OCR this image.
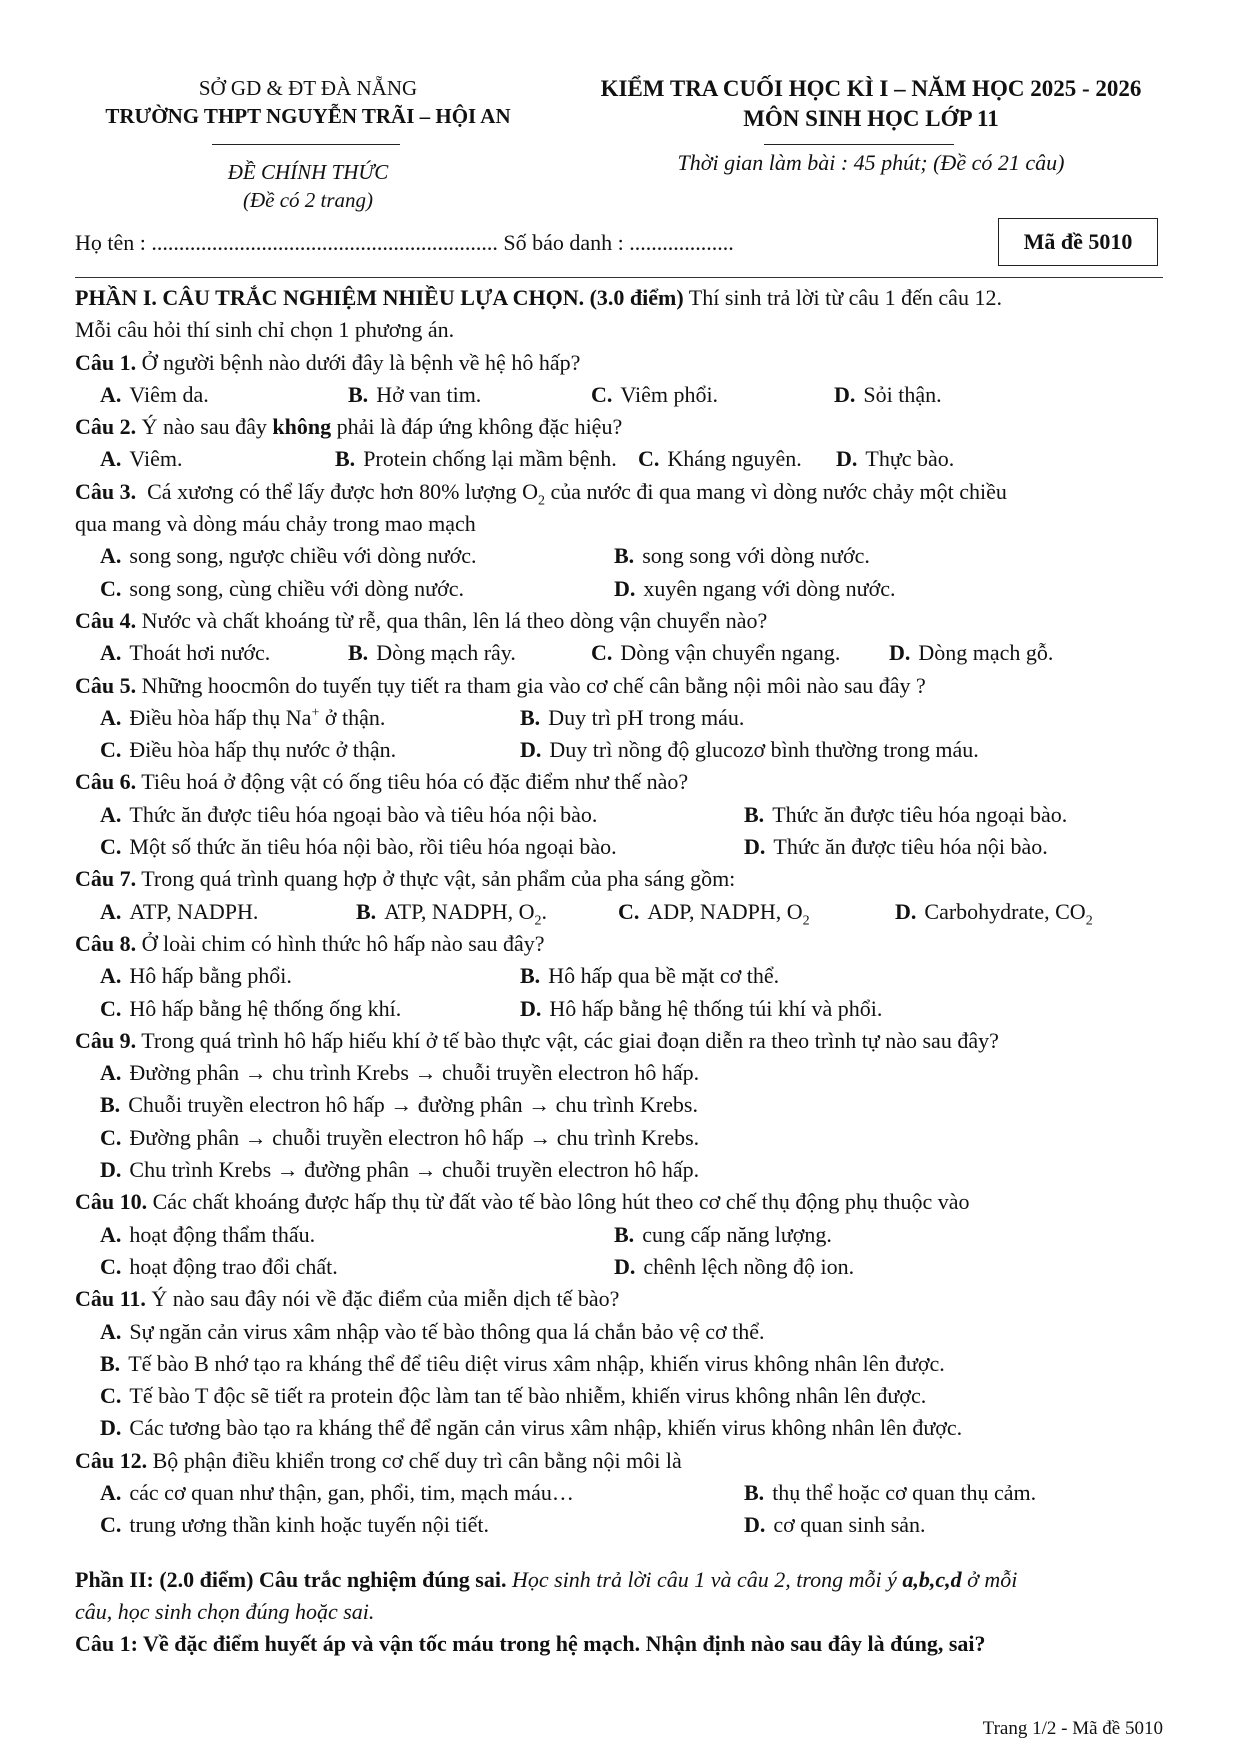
SỞ GD & ĐT ĐÀ NẴNG
TRƯỜNG THPT NGUYỄN TRÃI – HỘI AN
ĐỀ CHÍNH THỨC
(Đề có 2 trang)
KIỂM TRA CUỐI HỌC KÌ I – NĂM HỌC 2025 - 2026
MÔN SINH HỌC LỚP 11
Thời gian làm bài : 45 phút; (Đề có 21 câu)
Họ tên : ............................................................... Số báo danh : ...................	Mã đề 5010

PHẦN I. CÂU TRẮC NGHIỆM NHIỀU LỰA CHỌN. (3.0 điểm) Thí sinh trả lời từ câu 1 đến câu 12.

Mỗi câu hỏi thí sinh chỉ chọn 1 phương án.

Câu 1. Ở người bệnh nào dưới đây là bệnh về hệ hô hấp?

A. Viêm da.	B. Hở van tim.	C. Viêm phổi.	D. Sỏi thận.

Câu 2. Ý nào sau đây không phải là đáp ứng không đặc hiệu?

A. Viêm.	B. Protein chống lại mầm bệnh. C. Kháng nguyên.	D. Thực bào.

Câu 3. Cá xương có thể lấy được hơn 80% lượng $O_2$ của nước đi qua mang vì dòng nước chảy một chiều

qua mang và dòng máu chảy trong mao mạch

A. song song, ngược chiều với dòng nước.	B. song song với dòng nước.
C. song song, cùng chiều với dòng nước.	D. xuyên ngang với dòng nước.

Câu 4. Nước và chất khoáng từ rễ, qua thân, lên lá theo dòng vận chuyển nào?

A. Thoát hơi nước.	B. Dòng mạch rây.	C. Dòng vận chuyển ngang.	D. Dòng mạch gỗ.

Câu 5. Những hoocmôn do tuyến tụy tiết ra tham gia vào cơ chế cân bằng nội môi nào sau đây ?

A. Điều hòa hấp thụ Na+ ở thận.	B. Duy trì pH trong máu.
C. Điều hòa hấp thụ nước ở thận.	D. Duy trì nồng độ glucozơ bình thường trong máu.

Câu 6. Tiêu hoá ở động vật có ống tiêu hóa có đặc điểm như thế nào?

A. Thức ăn được tiêu hóa ngoại bào và tiêu hóa nội bào.	B. Thức ăn được tiêu hóa ngoại bào.
C. Một số thức ăn tiêu hóa nội bào, rồi tiêu hóa ngoại bào.	D. Thức ăn được tiêu hóa nội bào.

Câu 7. Trong quá trình quang hợp ở thực vật, sản phẩm của pha sáng gồm:

A. ATP, NADPH.	B. ATP, NADPH, $O_2$.	C. ADP, NADPH, $O_2$	D. Carbohydrate, $CO_2$

Câu 8. Ở loài chim có hình thức hô hấp nào sau đây?

A. Hô hấp bằng phổi.	B. Hô hấp qua bề mặt cơ thể.
C. Hô hấp bằng hệ thống ống khí.	D. Hô hấp bằng hệ thống túi khí và phổi.

Câu 9. Trong quá trình hô hấp hiếu khí ở tế bào thực vật, các giai đoạn diễn ra theo trình tự nào sau đây?

A. Đường phân → chu trình Krebs → chuỗi truyền electron hô hấp.
B. Chuỗi truyền electron hô hấp → đường phân → chu trình Krebs.
C. Đường phân → chuỗi truyền electron hô hấp → chu trình Krebs.
D. Chu trình Krebs → đường phân → chuỗi truyền electron hô hấp.

Câu 10. Các chất khoáng được hấp thụ từ đất vào tế bào lông hút theo cơ chế thụ động phụ thuộc vào

A. hoạt động thẩm thấu.	B. cung cấp năng lượng.
C. hoạt động trao đổi chất.	D. chênh lệch nồng độ ion.

Câu 11. Ý nào sau đây nói về đặc điểm của miễn dịch tế bào?

A. Sự ngăn cản virus xâm nhập vào tế bào thông qua lá chắn bảo vệ cơ thể.
B. Tế bào B nhớ tạo ra kháng thể để tiêu diệt virus xâm nhập, khiến virus không nhân lên được.
C. Tế bào T độc sẽ tiết ra protein độc làm tan tế bào nhiễm, khiến virus không nhân lên được.
D. Các tương bào tạo ra kháng thể để ngăn cản virus xâm nhập, khiến virus không nhân lên được.

Câu 12. Bộ phận điều khiển trong cơ chế duy trì cân bằng nội môi là

A. các cơ quan như thận, gan, phổi, tim, mạch máu…	B. thụ thể hoặc cơ quan thụ cảm.
C. trung ương thần kinh hoặc tuyến nội tiết.	D. cơ quan sinh sản.

Phần II: (2.0 điểm) Câu trắc nghiệm đúng sai. Học sinh trả lời câu 1 và câu 2, trong mỗi ý a,b,c,d ở mỗi

câu, học sinh chọn đúng hoặc sai.

Câu 1: Về đặc điểm huyết áp và vận tốc máu trong hệ mạch. Nhận định nào sau đây là đúng, sai?

Trang 1/2 - Mã đề 5010
